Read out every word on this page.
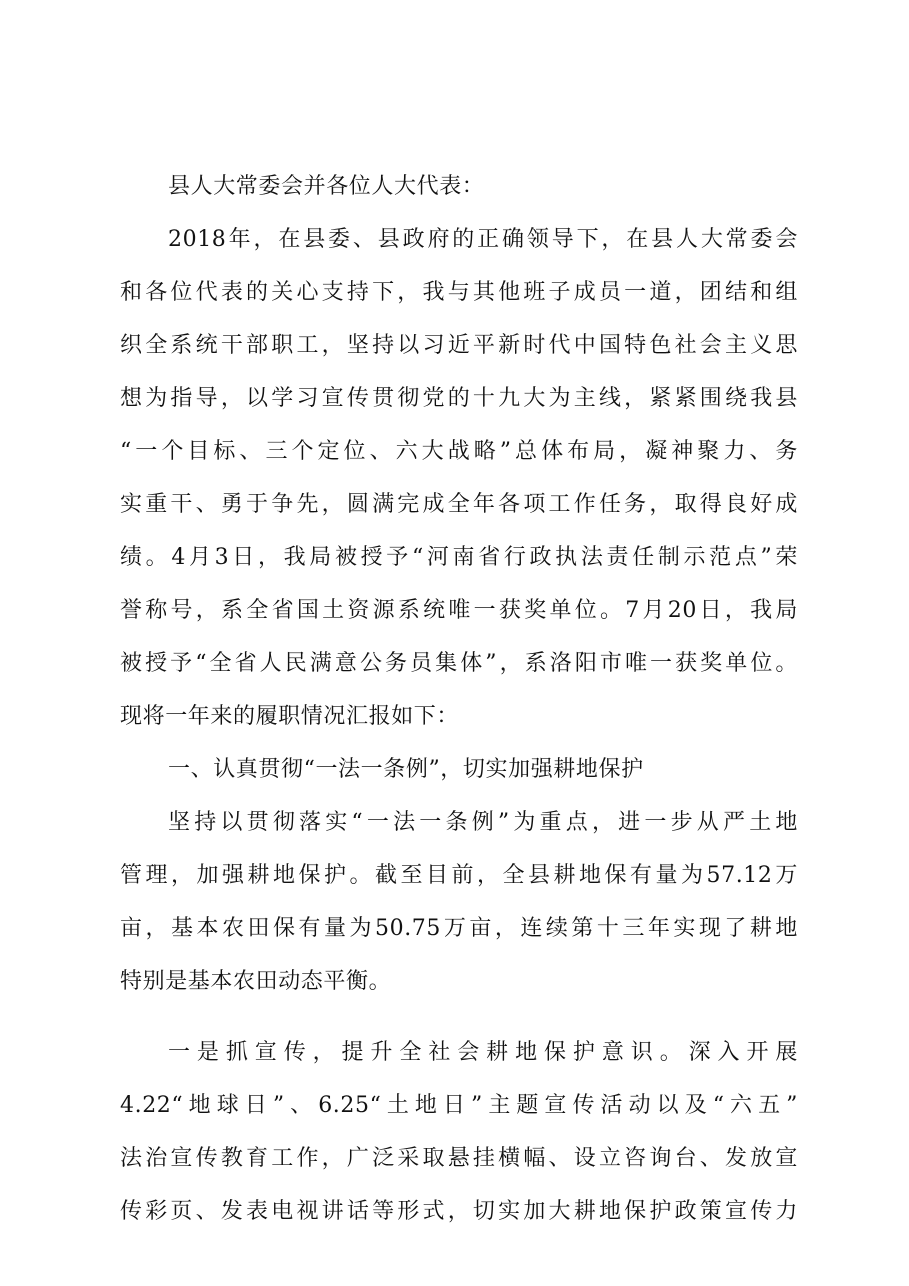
县人大常委会并各位人大代表：
2018年，在县委、县政府的正确领导下，在县人大常委会
和各位代表的关心支持下，我与其他班子成员一道，团结和组
织全系统干部职工，坚持以习近平新时代中国特色社会主义思
想为指导，以学习宣传贯彻党的十九大为主线，紧紧围绕我县
“一个目标、三个定位、六大战略”总体布局，凝神聚力、务
实重干、勇于争先，圆满完成全年各项工作任务，取得良好成
绩。4月3日，我局被授予“河南省行政执法责任制示范点”荣
誉称号，系全省国土资源系统唯一获奖单位。7月20日，我局
被授予“全省人民满意公务员集体”，系洛阳市唯一获奖单位。
现将一年来的履职情况汇报如下：
一、认真贯彻“一法一条例”，切实加强耕地保护
坚持以贯彻落实“一法一条例”为重点，进一步从严土地
管理，加强耕地保护。截至目前，全县耕地保有量为57.12万
亩，基本农田保有量为50.75万亩，连续第十三年实现了耕地
特别是基本农田动态平衡。
一是抓宣传，提升全社会耕地保护意识。深入开展
4.22“地球日”、6.25“土地日”主题宣传活动以及“六五”
法治宣传教育工作，广泛采取悬挂横幅、设立咨询台、发放宣
传彩页、发表电视讲话等形式，切实加大耕地保护政策宣传力
